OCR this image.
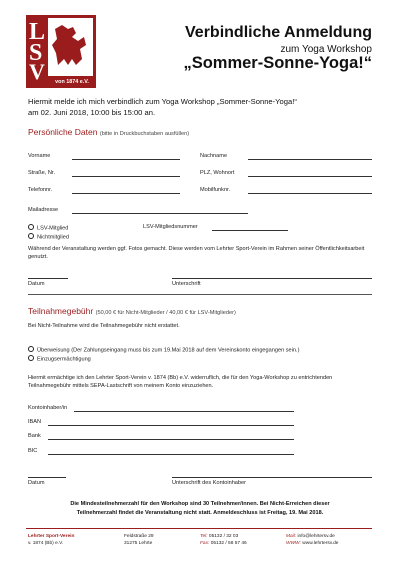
L
S
V	von 1874 e.V.
Verbindliche Anmeldung
zum Yoga Workshop
„Sommer-Sonne-Yoga!“
Hiermit melde ich mich verbindlich zum Yoga Workshop „Sommer-Sonne-Yoga!“
am 02. Juni 2018, 10:00 bis 15:00 an.
Persönliche Daten (bitte in Druckbuchstaben ausfüllen)
Vorname	Nachname
Straße, Nr.	PLZ, Wohnort
Telefonnr.	Mobilfunknr.
Mailadresse
LSV-Mitglied	LSV-Mitgliedsnummer
Nichtmitglied
Während der Veranstaltung werden ggf. Fotos gemacht. Diese werden vom Lehrter Sport-Verein im Rahmen seiner Öffentlichkeitsarbeit genutzt.
Datum	Unterschrift
Teilnahmegebühr (50,00 € für Nicht-Mitglieder / 40,00 € für LSV-Mitglieder)
Bei Nicht-Teilnahme wird die Teilnahmegebühr nicht erstattet.
Überweisung (Der Zahlungseingang muss bis zum 19.Mai 2018 auf dem Vereinskonto eingegangen sein.)
Einzugsermächtigung
Hiermit ermächtige ich den Lehrter Sport-Verein v. 1874 (Bb) e.V. widerruflich, die für den Yoga-Workshop zu entrichtenden Teilnahmegebühr mittels SEPA-Lastschrift von meinem Konto einzuziehen.
Kontoinhaber/in
IBAN
Bank
BIC
Datum	Unterschrift des Kontoinhaber
Die Mindesteilnehmerzahl für den Workshop sind 30 Teilnehmer/innen. Bei Nicht-Erreichen dieser
Teilnehmerzahl findet die Veranstaltung nicht statt. Anmeldeschluss ist Freitag, 19. Mai 2018.
Lehrter Sport-Verein
v. 1874 (Bb) e.V.
Feldstraße 29
31275 Lehrte
Tel: 05132 / 32 03
Fax: 05132 / 58 57 46
Mail: info@lehrtersv.de
WWW: www.lehrtersv.de
